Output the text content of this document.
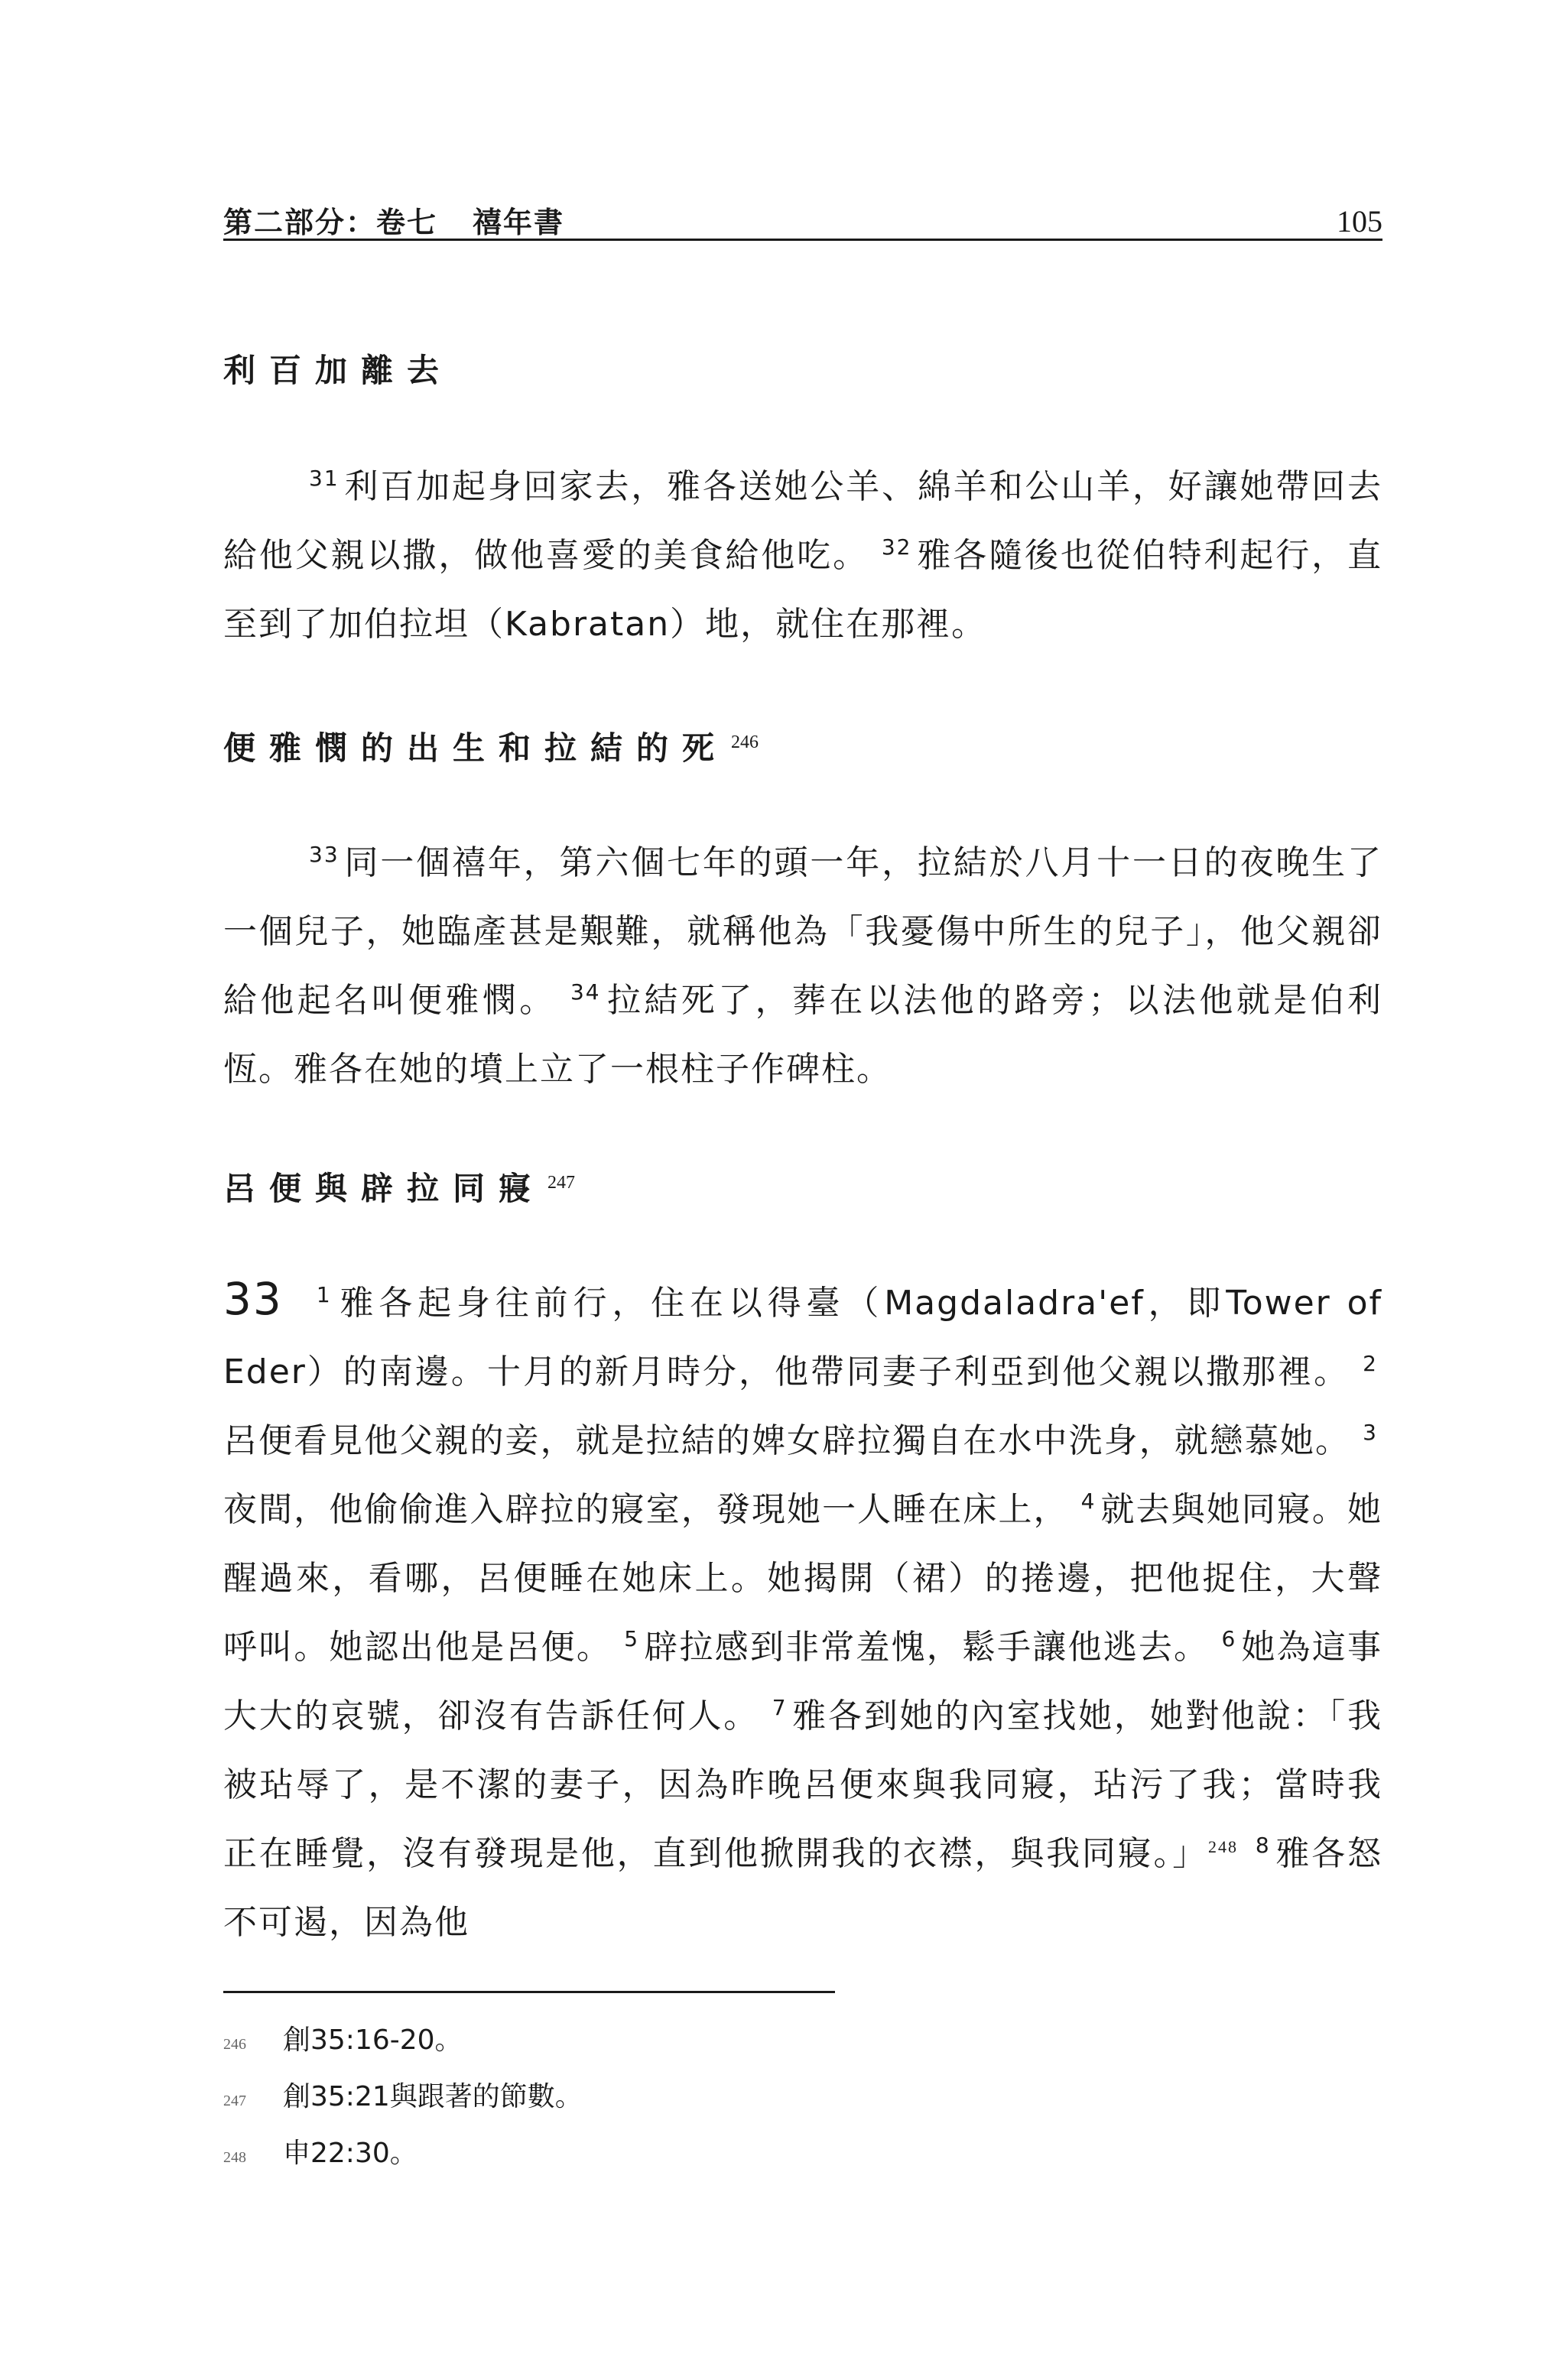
第二部分：卷七 禧年書	105
利百加離去

$^{31}$ 利百加起身回家去，雅各送她公羊、綿羊和公山羊，好讓她帶回去給他父親以撒，做他喜愛的美食給他吃。 $^{32}$ 雅各隨後也從伯特利起行，直至到了加伯拉坦（Kabratan）地，就住在那裡。

便雅憫的出生和拉結的死 $^{246}$

$^{33}$ 同一個禧年，第六個七年的頭一年，拉結於八月十一日的夜晚生了一個兒子，她臨產甚是艱難，就稱他為「我憂傷中所生的兒子」，他父親卻給他起名叫便雅憫。 $^{34}$ 拉結死了，葬在以法他的路旁；以法他就是伯利恆。雅各在她的墳上立了一根柱子作碑柱。

呂便與辟拉同寢 $^{247}$

33 $^1$ 雅各起身往前行，住在以得臺（Magdaladra'ef，即Tower of Eder）的南邊。十月的新月時分，他帶同妻子利亞到他父親以撒那裡。 $^2$呂便看見他父親的妾，就是拉結的婢女辟拉獨自在水中洗身，就戀慕她。 $^3$夜間，他偷偷進入辟拉的寢室，發現她一人睡在床上， $^4$ 就去與她同寢。她醒過來，看哪，呂便睡在她床上。她揭開（裙）的捲邊，把他捉住，大聲呼叫。她認出他是呂便。 $^5$ 辟拉感到非常羞愧，鬆手讓他逃去。 $^6$ 她為這事大大的哀號，卻沒有告訴任何人。 $^7$ 雅各到她的內室找她，她對他說：「我被玷辱了，是不潔的妻子，因為昨晚呂便來與我同寢，玷污了我；當時我正在睡覺，沒有發現是他，直到他掀開我的衣襟，與我同寢。」$^{248}$ $^8$ 雅各怒不可遏，因為他

246	創35:16-20。
247	創35:21與跟著的節數。
248	申22:30。
